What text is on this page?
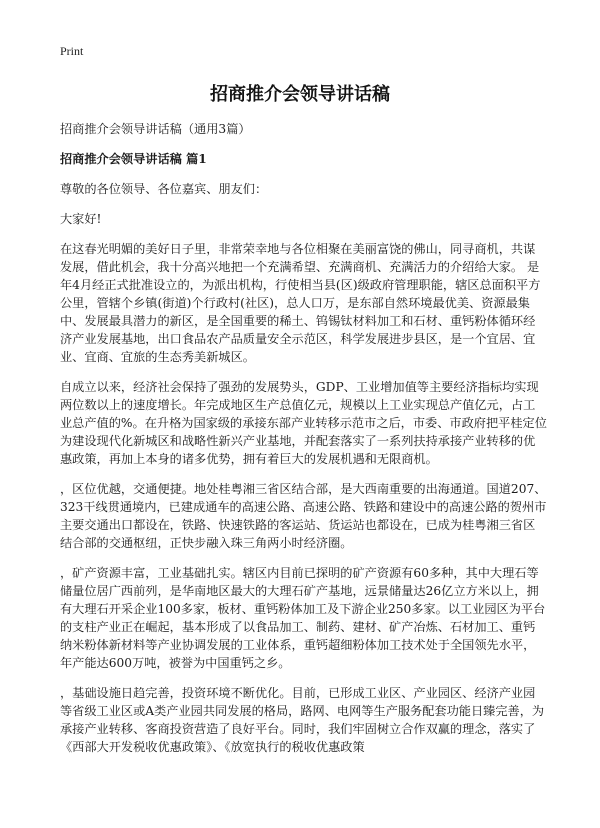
Print
招商推介会领导讲话稿

招商推介会领导讲话稿（通用3篇）

招商推介会领导讲话稿 篇1

尊敬的各位领导、各位嘉宾、朋友们：

大家好!

在这春光明媚的美好日子里，非常荣幸地与各位相聚在美丽富饶的佛山，同寻商机，共谋发展，借此机会，我十分高兴地把一个充满希望、充满商机、充满活力的介绍给大家。 是年4月经正式批准设立的，为派出机构，行使相当县(区)级政府管理职能，辖区总面积平方公里，管辖个乡镇(街道)个行政村(社区)，总人口万，是东部自然环境最优美、资源最集中、发展最具潜力的新区，是全国重要的稀土、钨锡钛材料加工和石材、重钙粉体循环经济产业发展基地，出口食品农产品质量安全示范区，科学发展进步县区，是一个宜居、宜业、宜商、宜旅的生态秀美新城区。

自成立以来，经济社会保持了强劲的发展势头，GDP、工业增加值等主要经济指标均实现两位数以上的速度增长。年完成地区生产总值亿元，规模以上工业实现总产值亿元，占工业总产值的%。在升格为国家级的承接东部产业转移示范市之后，市委、市政府把平桂定位为建设现代化新城区和战略性新兴产业基地，并配套落实了一系列扶持承接产业转移的优惠政策，再加上本身的诸多优势，拥有着巨大的发展机遇和无限商机。

，区位优越，交通便捷。地处桂粤湘三省区结合部，是大西南重要的出海通道。国道207、323干线贯通境内，已建成通车的高速公路、高速公路、铁路和建设中的高速公路的贺州市主要交通出口都设在，铁路、快速铁路的客运站、货运站也都设在，已成为桂粤湘三省区结合部的交通枢纽，正快步融入珠三角两小时经济圈。

，矿产资源丰富，工业基础扎实。辖区内目前已探明的矿产资源有60多种，其中大理石等储量位居广西前列，是华南地区最大的大理石矿产基地，远景储量达26亿立方米以上，拥有大理石开采企业100多家，板材、重钙粉体加工及下游企业250多家。以工业园区为平台的支柱产业正在崛起，基本形成了以食品加工、制药、建材、矿产冶炼、石材加工、重钙纳米粉体新材料等产业协调发展的工业体系，重钙超细粉体加工技术处于全国领先水平，年产能达600万吨，被誉为中国重钙之乡。

，基础设施日趋完善，投资环境不断优化。目前，已形成工业区、产业园区、经济产业园等省级工业区或A类产业园共同发展的格局，路网、电网等生产服务配套功能日臻完善，为承接产业转移、客商投资营造了良好平台。同时，我们牢固树立合作双赢的理念，落实了《西部大开发税收优惠政策》、《放宽执行的税收优惠政策
